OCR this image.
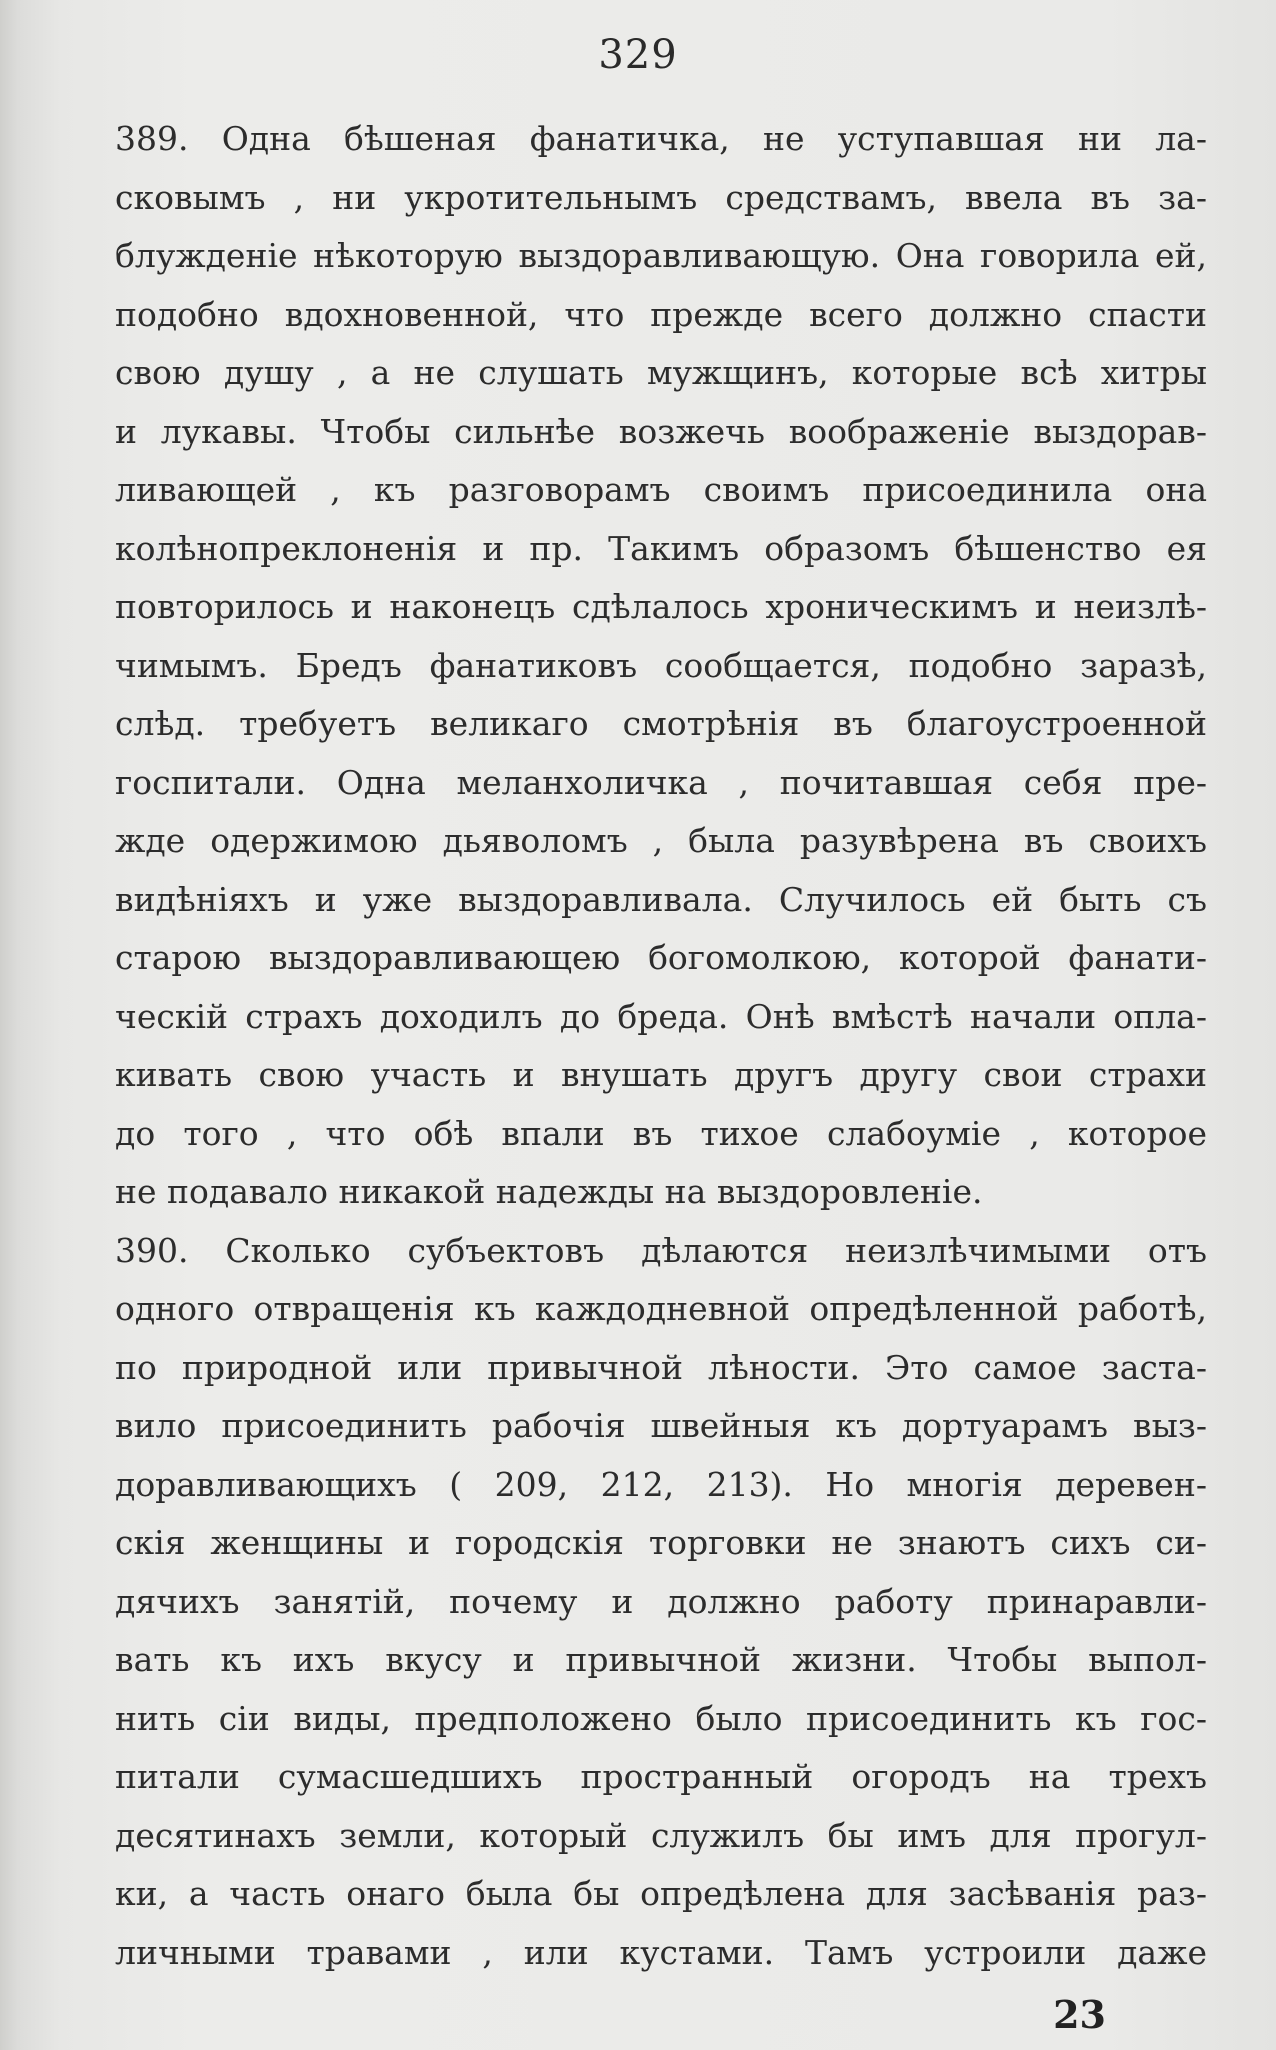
329
389. Одна бѣшеная фанатичка, не уступавшая ни ла-
сковымъ , ни укротительнымъ средствамъ, ввела въ за-
блужденіе нѣкоторую выздоравливающую. Она говорила ей,
подобно вдохновенной, что прежде всего должно спасти
свою душу , а не слушать мужщинъ, которые всѣ хитры
и лукавы. Чтобы сильнѣе возжечь воображеніе выздорав-
ливающей , къ разговорамъ своимъ присоединила она
колѣнопреклоненія и пр. Такимъ образомъ бѣшенство ея
повторилось и наконецъ сдѣлалось хроническимъ и неизлѣ-
чимымъ. Бредъ фанатиковъ сообщается, подобно заразѣ,
слѣд. требуетъ великаго смотрѣнія въ благоустроенной
госпитали. Одна меланхоличка , почитавшая себя пре-
жде одержимою дьяволомъ , была разувѣрена въ своихъ
видѣніяхъ и уже выздоравливала. Случилось ей быть съ
старою выздоравливающею богомолкою, которой фанати-
ческій страхъ доходилъ до бреда. Онѣ вмѣстѣ начали опла-
кивать свою участь и внушать другъ другу свои страхи
до того , что обѣ впали въ тихое слабоуміе , которое
не подавало никакой надежды на выздоровленіе.
390. Сколько субъектовъ дѣлаются неизлѣчимыми отъ
одного отвращенія къ каждодневной опредѣленной работѣ,
по природной или привычной лѣности. Это самое заста-
вило присоединить рабочія швейныя къ дортуарамъ выз-
доравливающихъ ( 209, 212, 213). Но многія деревен-
скія женщины и городскія торговки не знаютъ сихъ си-
дячихъ занятій, почему и должно работу принаравли-
вать къ ихъ вкусу и привычной жизни. Чтобы выпол-
нить сіи виды, предположено было присоединить къ гос-
питали сумасшедшихъ пространный огородъ на трехъ
десятинахъ земли, который служилъ бы имъ для прогул-
ки, а часть онаго была бы опредѣлена для засѣванія раз-
личными травами , или кустами. Тамъ устроили даже
23
